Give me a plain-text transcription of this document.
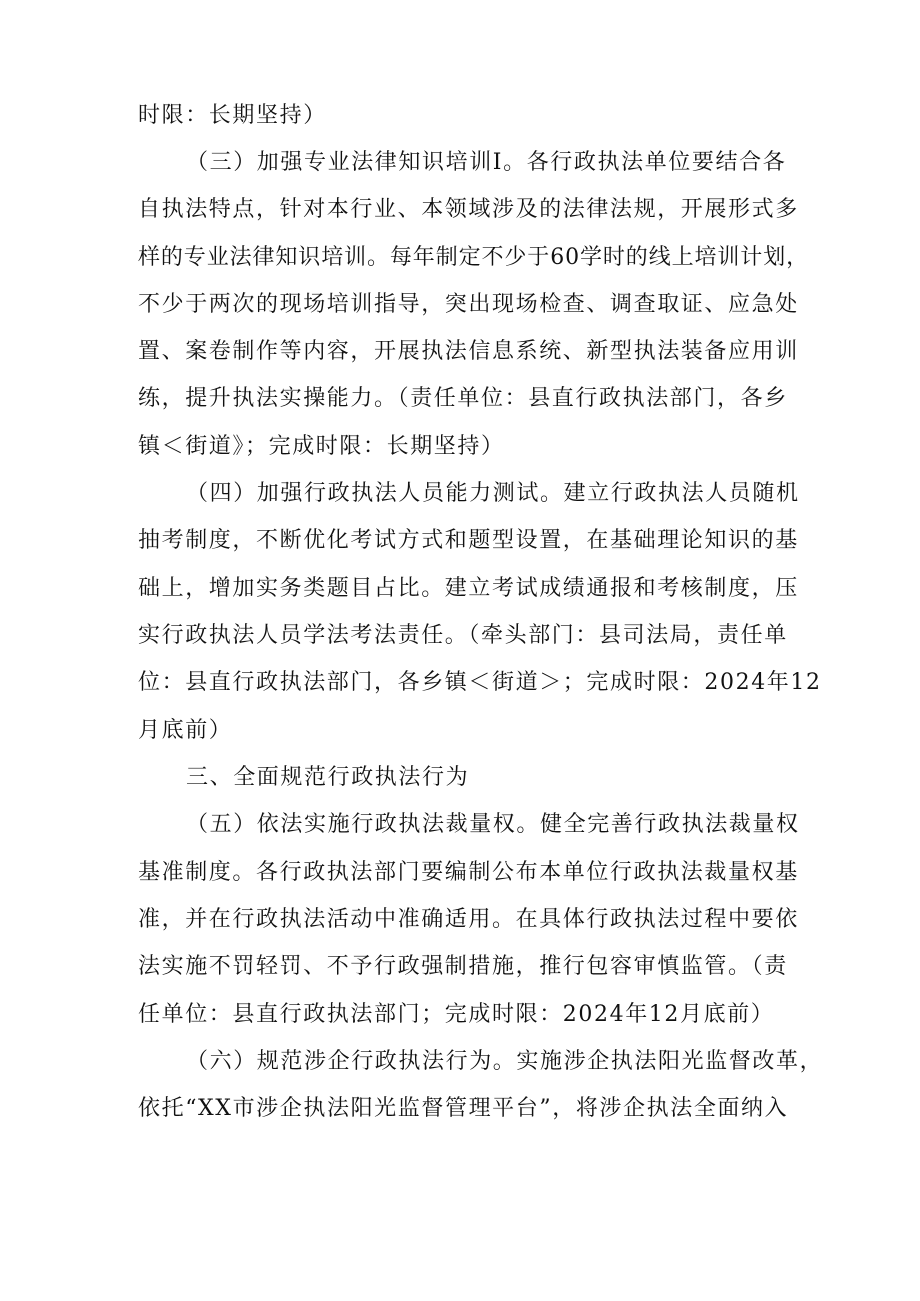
时限：长期坚持）
（三）加强专业法律知识培训I。各行政执法单位要结合各
自执法特点，针对本行业、本领域涉及的法律法规，开展形式多
样的专业法律知识培训。每年制定不少于60学时的线上培训计划，
不少于两次的现场培训指导，突出现场检查、调查取证、应急处
置、案卷制作等内容，开展执法信息系统、新型执法装备应用训
练，提升执法实操能力。（责任单位：县直行政执法部门，各乡
镇＜街道》；完成时限：长期坚持）
（四）加强行政执法人员能力测试。建立行政执法人员随机
抽考制度，不断优化考试方式和题型设置，在基础理论知识的基
础上，增加实务类题目占比。建立考试成绩通报和考核制度，压
实行政执法人员学法考法责任。（牵头部门：县司法局，责任单
位：县直行政执法部门，各乡镇＜街道＞；完成时限：2024年12
月底前）
三、全面规范行政执法行为
（五）依法实施行政执法裁量权。健全完善行政执法裁量权
基准制度。各行政执法部门要编制公布本单位行政执法裁量权基
准，并在行政执法活动中准确适用。在具体行政执法过程中要依
法实施不罚轻罚、不予行政强制措施，推行包容审慎监管。（责
任单位：县直行政执法部门；完成时限：2024年12月底前）
（六）规范涉企行政执法行为。实施涉企执法阳光监督改革，
依托“XX市涉企执法阳光监督管理平台”，将涉企执法全面纳入
